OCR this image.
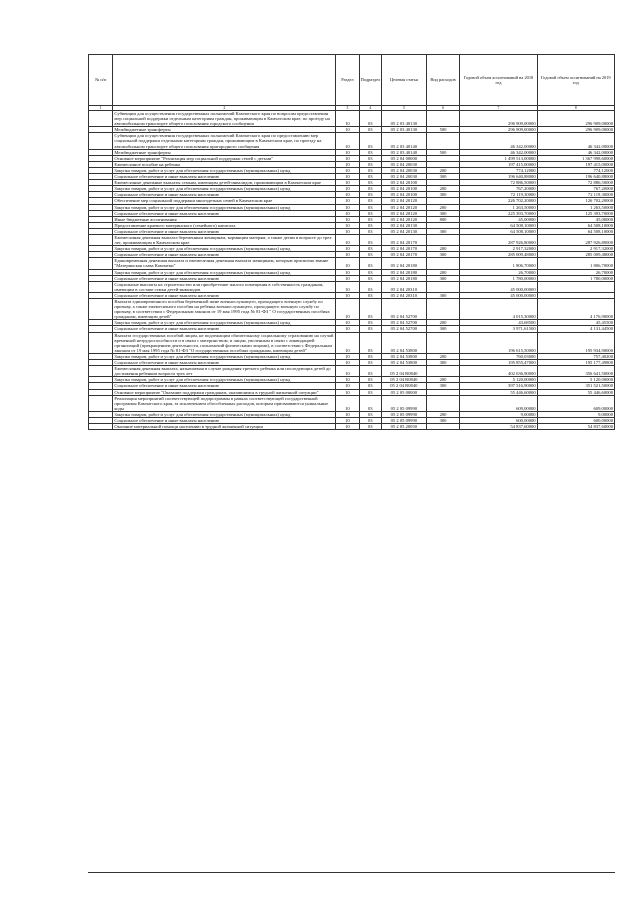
№ п/п		Раздел	Подраздел	Целевая статья	Вид расходов	Годовой объем ассигнований на 2018 год	Годовой объем ассигнований на 2019 год
1	2	3	4	5	6	7	8
	Субвенции для осуществления государственных полномочий Камчатского края по вопросам предоставления мер социальной поддержки отдельным категориям граждан, проживающим в Камчатском крае, по проезду на автомобильном транспорте общего пользования городского сообщения	10	03	05 2 03 40130		296 909,00000	296 909,00000
	Межбюджетные трансферты	10	03	05 2 03 40130	500	296 909,00000	296 909,00000
	Субвенции для осуществления государственных полномочий Камчатского края по предоставлению мер социальной поддержки отдельным категориям граждан, проживающим в Камчатском крае, по проезду на автомобильном транспорте общего пользования пригородного сообщения	10	03	05 2 03 40140		46 342,00000	46 342,00000
	Межбюджетные трансферты	10	03	05 2 03 40140	500	46 342,00000	46 342,00000
	Основное мероприятие "Реализация мер социальной поддержки семей с детьми"	10	03	05 2 04 00000		1 499 513,00000	1 367 998,60000
	Ежемесячное пособие на ребенка	10	03	05 2 04 20030		197 415,00000	197 415,00000
	Закупка товаров, работ и услуг для обеспечения государственных (муниципальных) нужд	10	03	05 2 04 20030	200	774,12000	774,12000
	Социальное обеспечение и иные выплаты населению	10	03	05 2 04 20030	300	196 640,88000	196 640,88000
	Ежемесячные денежные выплаты семьям, имеющим детей-инвалидов, проживающим в Камчатском крае	10	03	05 2 04 20100		72 886,50000	72 886,50000
	Закупка товаров, работ и услуг для обеспечения государственных (муниципальных) нужд	10	03	05 2 04 20100	200	767,20000	767,20000
	Социальное обеспечение и иные выплаты населению	10	03	05 2 04 20100	300	72 119,30000	72 119,30000
	Обеспечение мер социальной поддержки многодетных семей в Камчатском крае	10	03	05 2 04 20120		226 702,20000	126 702,20000
	Закупка товаров, работ и услуг для обеспечения государственных (муниципальных) нужд	10	03	05 2 04 20120	200	1 263,50000	1 263,50000
	Социальное обеспечение и иные выплаты населению	10	03	05 2 04 20120	300	225 393,70000	125 393,70000
	Иные бюджетные ассигнования	10	03	05 2 04 20120	800	45,00000	45,00000
	Предоставление краевого материнского (семейного) капитала	10	03	05 2 04 20130		64 508,10000	64 508,10000
	Социальное обеспечение и иные выплаты населению	10	03	05 2 04 20130	300	64 508,10000	64 508,10000
	Ежемесячная денежная выплата беременным женщинам, кормящим матерям, а также детям в возрасте до трех лет, проживающим в Камчатском крае	10	03	05 2 04 20170		287 926,80000	287 926,80000
	Закупка товаров, работ и услуг для обеспечения государственных (муниципальных) нужд	10	03	05 2 04 20170	200	2 917,32000	2 917,32000
	Социальное обеспечение и иные выплаты населению	10	03	05 2 04 20170	300	285 009,48000	285 009,48000
	Единовременная денежная выплата и ежемесячная денежная выплата женщинам, которым присвоено звание "Материнская слава Камчатки"	10	03	05 2 04 20180		1 806,70000	1 806,70000
	Закупка товаров, работ и услуг для обеспечения государственных (муниципальных) нужд	10	03	05 2 04 20180	200	26,70000	26,70000
	Социальное обеспечение и иные выплаты населению	10	03	05 2 04 20180	300	1 780,00000	1 780,00000
	Социальные выплаты на строительство или приобретение жилого помещения в собственность гражданам, имеющим в составе семьи детей-инвалидов	10	03	05 2 04 20310		45 000,00000	
	Социальное обеспечение и иные выплаты населению	10	03	05 2 04 20310	300	45 000,00000	
	Выплата единовременного пособия беременной жене военнослужащего, проходящего военную службу по призыву, а также ежемесячного пособия на ребенка военнослужащего, проходящего военную службу по призыву, в соответствии с Федеральным законом от 19 мая 1995 года № 81-ФЗ " О государственных пособиях гражданам, имеющим детей"	10	03	05 2 04 52700		4 015,30000	4 176,90000
	Закупка товаров, работ и услуг для обеспечения государственных (муниципальных) нужд	10	03	05 2 04 52700	200	43,68500	45,45500
	Социальное обеспечение и иные выплаты населению	10	03	05 2 04 52700	300	3 971,61500	4 131,44500
	Выплата государственных пособий лицам, не подлежащим обязательному социальному страхованию на случай временной нетрудоспособности и в связи с материнством, и лицам, уволенным в связи с ликвидацией организаций (прекращением деятельности, полномочий физическими лицами), в соответствии с Федеральным законом от 19 мая 1995 года № 81-ФЗ "О государственных пособиях гражданам, имеющим детей"	10	03	05 2 04 53800		196 615,50000	195 934,90000
	Закупка товаров, работ и услуг для обеспечения государственных (муниципальных) нужд	10	03	05 2 04 53800	200	760,03000	757,40200
	Социальное обеспечение и иные выплаты населению	10	03	05 2 04 53800	300	195 855,47000	195 177,49800
	Ежемесячная денежная выплата, назначаемая в случае рождения третьего ребенка или последующих детей до достижения ребенком возраста трех лет	10	03	05 2 04 R0840		402 636,90000	356 641,50000
	Закупка товаров, работ и услуг для обеспечения государственных (муниципальных) нужд	10	03	05 2 04 R0840	200	5 120,00000	5 120,00000
	Социальное обеспечение и иные выплаты населению	10	03	05 2 04 R0840	300	397 516,90000	351 521,50000
	Основное мероприятие "Оказание поддержки гражданам, оказавшимся в трудной жизненной ситуации"	10	03	05 2 05 00000		55 446,60000	55 446,60000
	Реализация мероприятий соответствующей подпрограммы в рамках соответствующей государственной программы Камчатского края, за исключением обособленных расходов, которым присваиваются уникальные коды	10	03	05 2 05 09990		609,00000	609,00000
	Закупка товаров, работ и услуг для обеспечения государственных (муниципальных) нужд	10	03	05 2 05 09990	200	9,00000	9,00000
	Социальное обеспечение и иные выплаты населению	10	03	05 2 05 09990	300	600,00000	600,00000
	Оказание материальной помощи населению в трудной жизненной ситуации	10	03	05 2 05 20050		54 837,60000	54 837,60000
